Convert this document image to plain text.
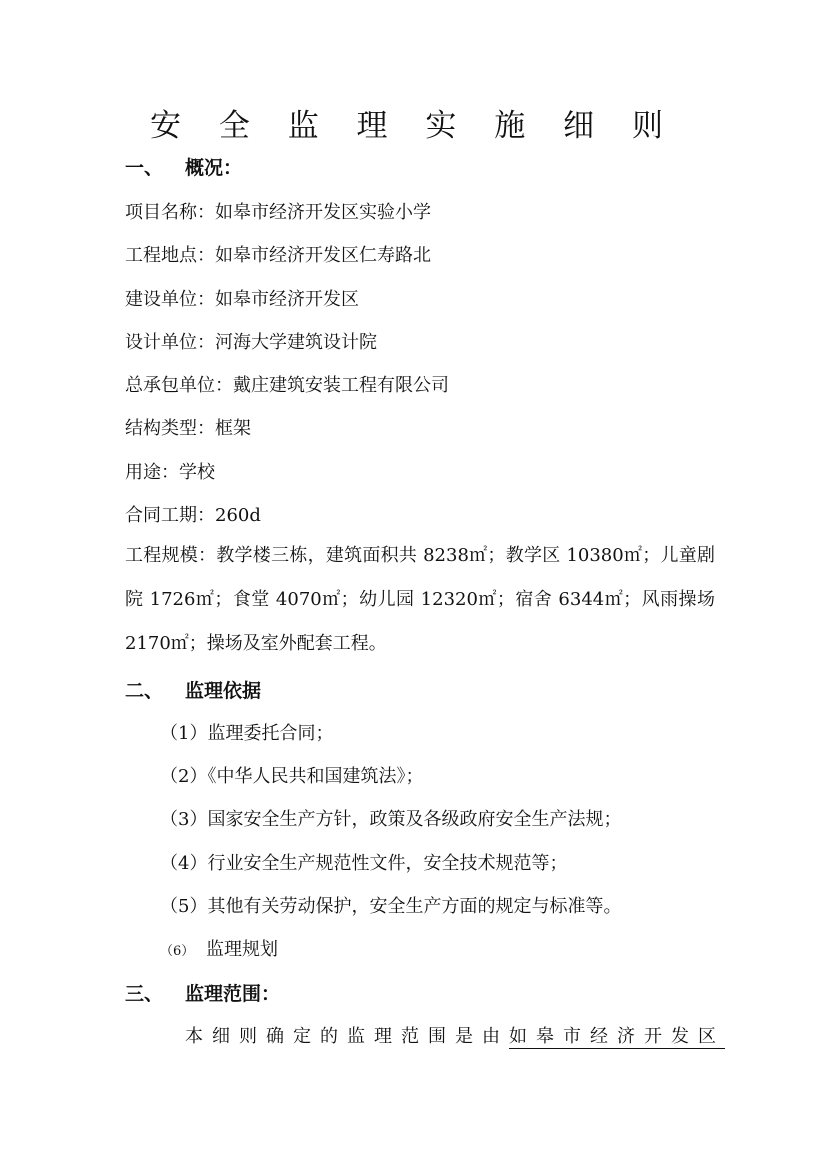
安 全 监 理 实 施 细 则
一、 概况：
项目名称：如皋市经济开发区实验小学
工程地点：如皋市经济开发区仁寿路北
建设单位：如皋市经济开发区
设计单位：河海大学建筑设计院
总承包单位：戴庄建筑安装工程有限公司
结构类型：框架
用途：学校
合同工期：260d
工程规模：教学楼三栋，建筑面积共 8238㎡；教学区 10380㎡；儿童剧院 1726㎡；食堂 4070㎡；幼儿园 12320㎡；宿舍 6344㎡；风雨操场 2170㎡；操场及室外配套工程。
二、 监理依据
（1）监理委托合同；
（2）《中华人民共和国建筑法》；
（3）国家安全生产方针，政策及各级政府安全生产法规；
（4）行业安全生产规范性文件，安全技术规范等；
（5）其他有关劳动保护，安全生产方面的规定与标准等。
（6） 监理规划
三、 监理范围：
本细则确定的监理范围是由如皋市经济开发区
